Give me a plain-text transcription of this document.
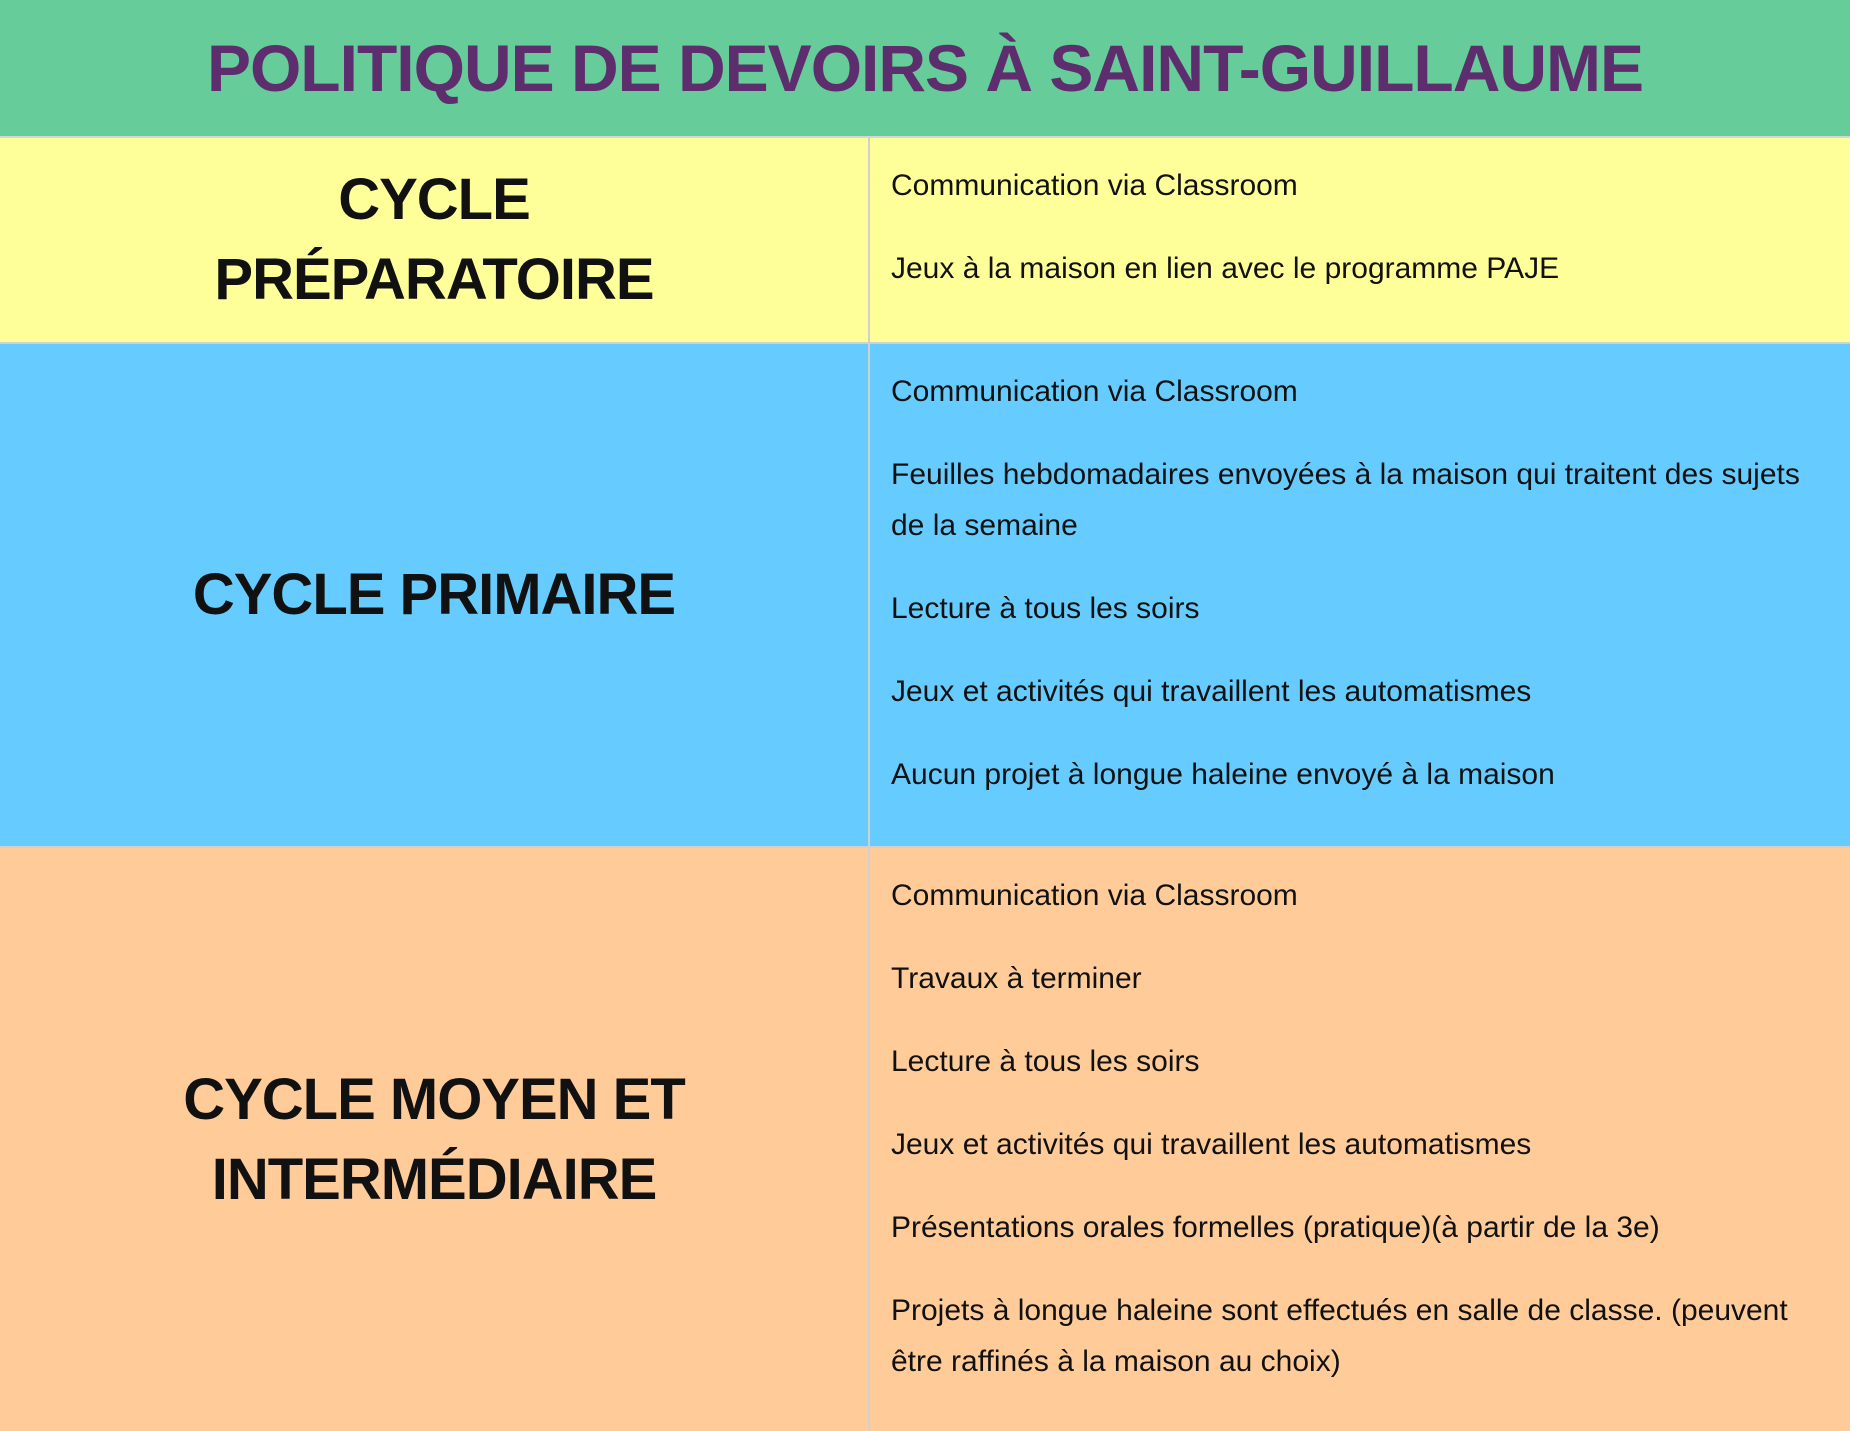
POLITIQUE DE DEVOIRS À SAINT-GUILLAUME
CYCLE PRÉPARATOIRE
Communication via Classroom
Jeux à la maison en lien avec le programme PAJE
CYCLE PRIMAIRE
Communication via Classroom
Feuilles hebdomadaires envoyées à la maison qui traitent des sujets de la semaine
Lecture à tous les soirs
Jeux et activités qui travaillent les automatismes
Aucun projet à longue haleine envoyé à la maison
CYCLE MOYEN ET INTERMÉDIAIRE
Communication via Classroom
Travaux à terminer
Lecture à tous les soirs
Jeux et activités qui travaillent les automatismes
Présentations orales formelles (pratique)(à partir de la 3e)
Projets à longue haleine sont effectués en salle de classe. (peuvent être raffinés à la maison au choix)
